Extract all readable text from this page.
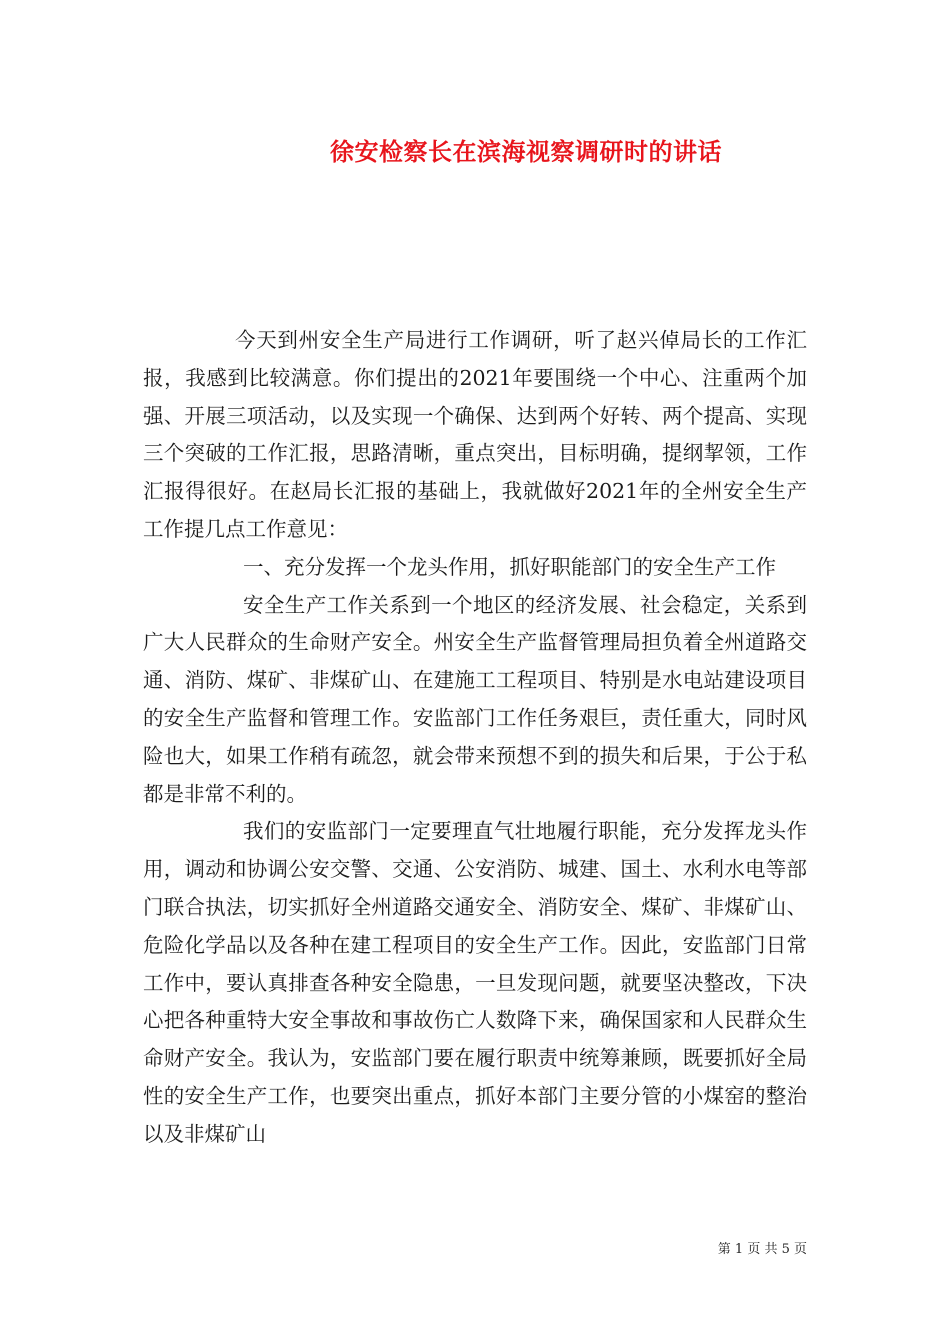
徐安检察长在滨海视察调研时的讲话

今天到州安全生产局进行工作调研，听了赵兴倬局长的工作汇报，我感到比较满意。你们提出的2021年要围绕一个中心、注重两个加强、开展三项活动，以及实现一个确保、达到两个好转、两个提高、实现三个突破的工作汇报，思路清晰，重点突出，目标明确，提纲挈领，工作汇报得很好。在赵局长汇报的基础上，我就做好2021年的全州安全生产工作提几点工作意见：

一、充分发挥一个龙头作用，抓好职能部门的安全生产工作

安全生产工作关系到一个地区的经济发展、社会稳定，关系到广大人民群众的生命财产安全。州安全生产监督管理局担负着全州道路交通、消防、煤矿、非煤矿山、在建施工工程项目、特别是水电站建设项目的安全生产监督和管理工作。安监部门工作任务艰巨，责任重大，同时风险也大，如果工作稍有疏忽，就会带来预想不到的损失和后果，于公于私都是非常不利的。

我们的安监部门一定要理直气壮地履行职能，充分发挥龙头作用，调动和协调公安交警、交通、公安消防、城建、国土、水利水电等部门联合执法，切实抓好全州道路交通安全、消防安全、煤矿、非煤矿山、危险化学品以及各种在建工程项目的安全生产工作。因此，安监部门日常工作中，要认真排查各种安全隐患，一旦发现问题，就要坚决整改，下决心把各种重特大安全事故和事故伤亡人数降下来，确保国家和人民群众生命财产安全。我认为，安监部门要在履行职责中统筹兼顾，既要抓好全局性的安全生产工作，也要突出重点，抓好本部门主要分管的小煤窑的整治以及非煤矿山

第 1 页 共 5 页
